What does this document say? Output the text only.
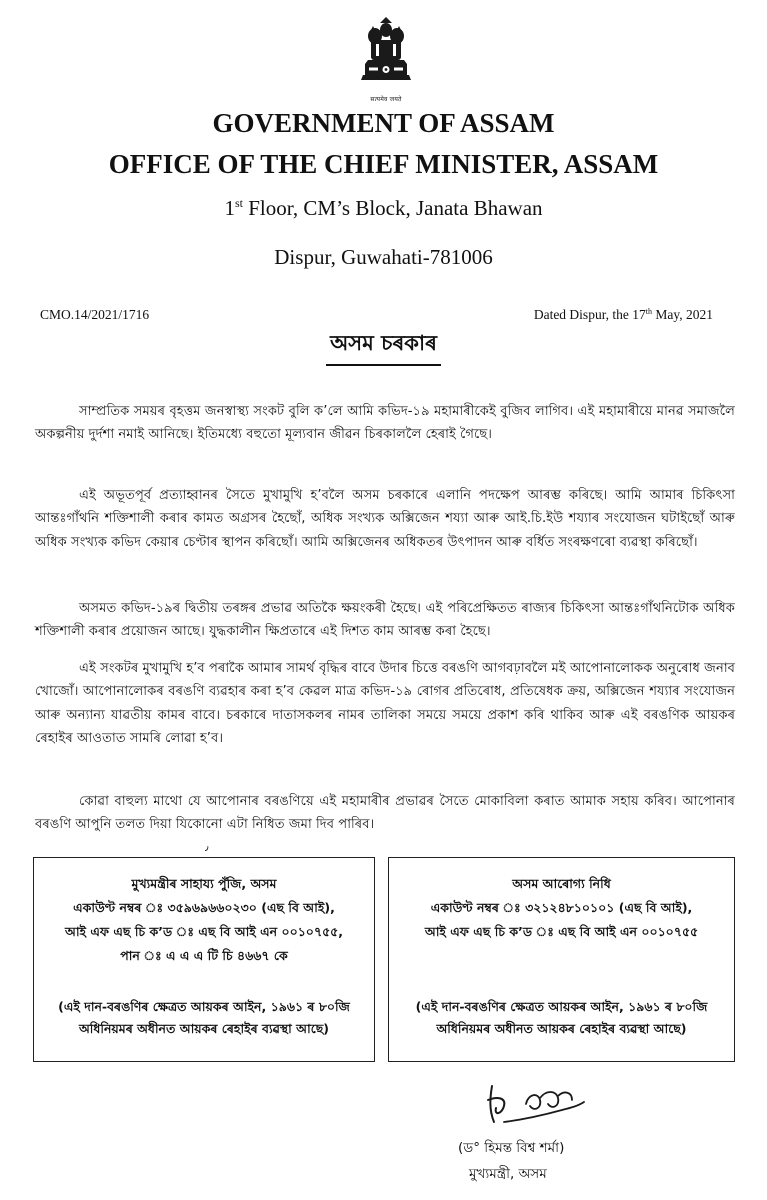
सत्यमेव जयते
GOVERNMENT OF ASSAM
OFFICE OF THE CHIEF MINISTER, ASSAM
1st Floor, CM’s Block, Janata Bhawan
Dispur, Guwahati-781006
CMO.14/2021/1716	Dated Dispur, the 17th May, 2021
অসম চৰকাৰ
সাম্প্ৰতিক সময়ৰ বৃহত্তম জনস্বাস্থ্য সংকট বুলি ক’লে আমি কভিদ-১৯ মহামাৰীকেই বুজিব লাগিব। এই মহামাৰীয়ে মানৱ সমাজলৈ অকল্পনীয় দুৰ্দশা নমাই আনিছে। ইতিমধ্যে বহুতো মূল্যবান জীৱন চিৰকাললৈ হেৰাই গৈছে।
এই অভূতপূৰ্ব প্ৰত্যাহ্বানৰ সৈতে মুখামুখি হ’বলৈ অসম চৰকাৰে এলানি পদক্ষেপ আৰম্ভ কৰিছে। আমি আমাৰ চিকিৎসা আন্তঃগাঁথনি শক্তিশালী কৰাৰ কামত অগ্ৰসৰ হৈছোঁ, অধিক সংখ্যক অক্সিজেন শয্যা আৰু আই.চি.ইউ শয্যাৰ সংযোজন ঘটাইছোঁ আৰু অধিক সংখ্যক কভিদ কেয়াৰ চেণ্টাৰ স্থাপন কৰিছোঁ। আমি অক্সিজেনৰ অধিকতৰ উৎপাদন আৰু বৰ্ধিত সংৰক্ষণৰো ব্যৱস্থা কৰিছোঁ।
অসমত কভিদ-১৯ৰ দ্বিতীয় তৰঙ্গৰ প্ৰভাৱ অতিকৈ ক্ষয়ংকৰী হৈছে। এই পৰিপ্ৰেক্ষিতত ৰাজ্যৰ চিকিৎসা আন্তঃগাঁথনিটোক অধিক শক্তিশালী কৰাৰ প্ৰয়োজন আছে। যুদ্ধকালীন ক্ষিপ্ৰতাৰে এই দিশত কাম আৰম্ভ কৰা হৈছে।
এই সংকটৰ মুখামুখি হ’ব পৰাকৈ আমাৰ সামৰ্থ বৃদ্ধিৰ বাবে উদাৰ চিত্তে বৰঙণি আগবঢ়াবলৈ মই আপোনালোকক অনুৰোধ জনাব খোজোঁ। আপোনালোকৰ বৰঙণি ব্যৱহাৰ কৰা হ’ব কেৱল মাত্ৰ কভিদ-১৯ ৰোগৰ প্ৰতিৰোধ, প্ৰতিষেধক ক্ৰয়, অক্সিজেন শয্যাৰ সংযোজন আৰু অন্যান্য যাৱতীয় কামৰ বাবে। চৰকাৰে দাতাসকলৰ নামৰ তালিকা সময়ে সময়ে প্ৰকাশ কৰি থাকিব আৰু এই বৰঙণিক আয়কৰ ৰেহাইৰ আওতাত সামৰি লোৱা হ’ব।
কোৱা বাহুল্য মাথো যে আপোনাৰ বৰঙণিয়ে এই মহামাৰীৰ প্ৰভাৱৰ সৈতে মোকাবিলা কৰাত আমাক সহায় কৰিব। আপোনাৰ বৰঙণি আপুনি তলত দিয়া যিকোনো এটা নিধিত জমা দিব পাৰিব।
٫
মুখ্যমন্ত্ৰীৰ সাহায্য পুঁজি, অসম
একাউণ্ট নম্বৰ ঃ ৩৫৯৬৯৬৬০২৩০ (এছ বি আই),
আই এফ এছ চি ক’ড ঃ এছ বি আই এন ০০১০৭৫৫,
পান ঃ এ এ এ টি চি ৪৬৬৭ কে
(এই দান-বৰঙণিৰ ক্ষেত্ৰত আয়কৰ আইন, ১৯৬১ ৰ ৮০জি অধিনিয়মৰ অধীনত আয়কৰ ৰেহাইৰ ব্যৱস্থা আছে)
অসম আৰোগ্য নিধি
একাউণ্ট নম্বৰ ঃ ৩২১২৪৮১০১০১ (এছ বি আই),
আই এফ এছ চি ক’ড ঃ এছ বি আই এন ০০১০৭৫৫
(এই দান-বৰঙণিৰ ক্ষেত্ৰত আয়কৰ আইন, ১৯৬১ ৰ ৮০জি অধিনিয়মৰ অধীনত আয়কৰ ৰেহাইৰ ব্যৱস্থা আছে)
(ড° হিমন্ত বিশ্ব শৰ্মা)
মুখ্যমন্ত্ৰী, অসম
